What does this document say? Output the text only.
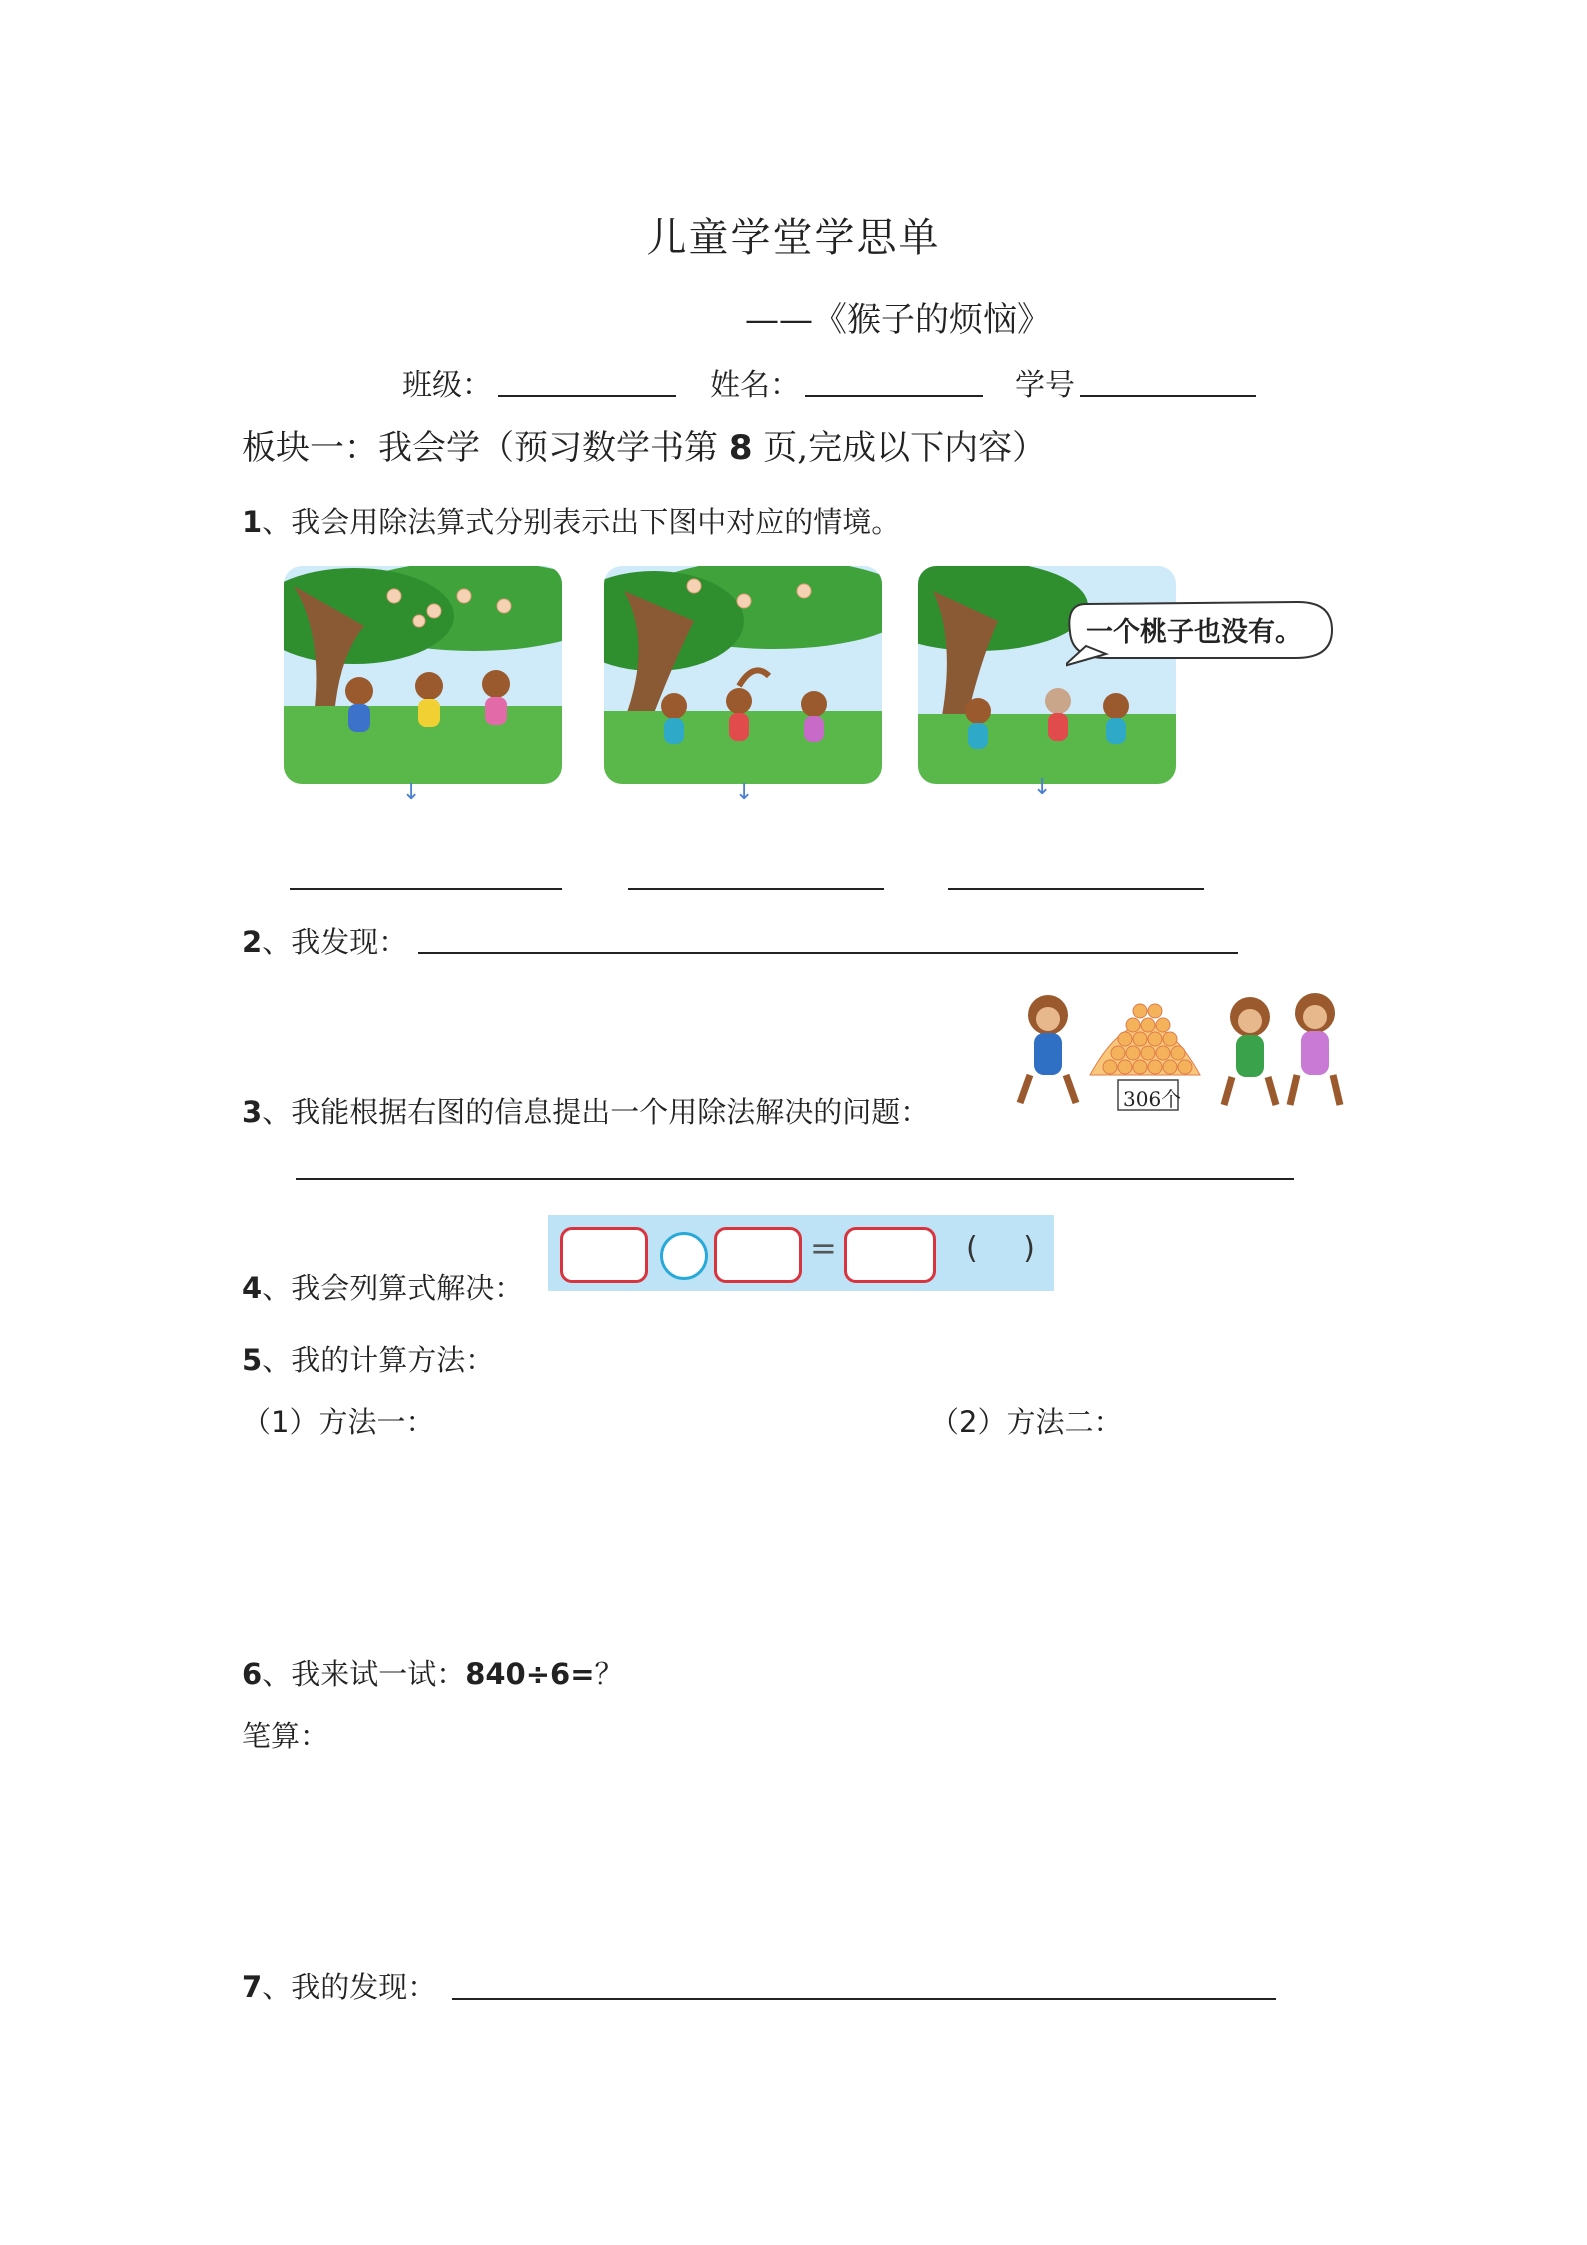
儿童学堂学思单
——《猴子的烦恼》
班级：	姓名：	学号
板块一：我会学（预习数学书第 8 页,完成以下内容）
1、我会用除法算式分别表示出下图中对应的情境。
↓	↓
一个桃子也没有。
↓
2、我发现：
3、我能根据右图的信息提出一个用除法解决的问题：	306个
4、我会列算式解决：
=	( )
5、我的计算方法：
（1）方法一：	（2）方法二：
6、我来试一试：840÷6=？
笔算：
7、我的发现：
